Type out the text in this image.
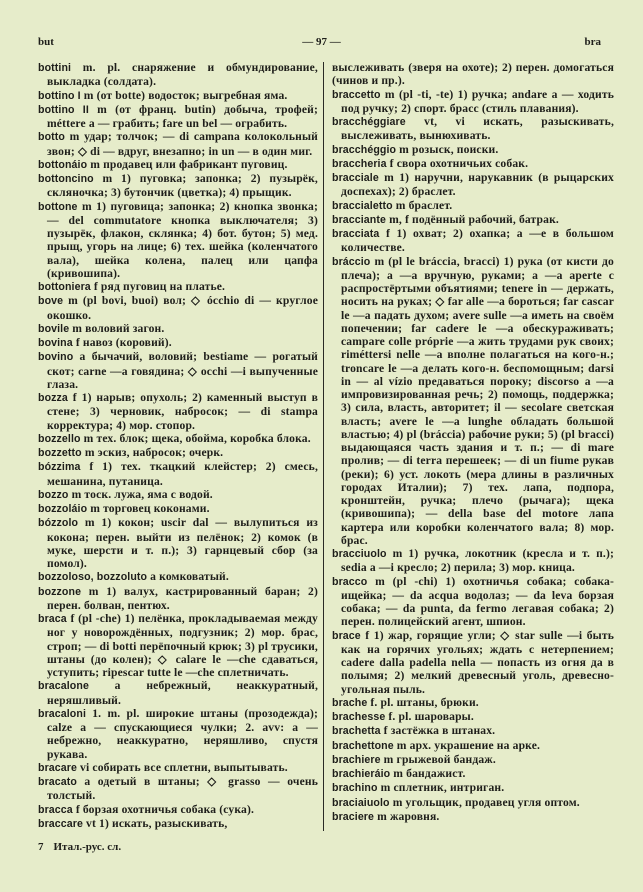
but	— 97 —	bra

bottini m. pl. снаряжение и обмундирование, выкладка (солдата).

bottino I m (от botte) водосток; выгребная яма.

bottino II m (от франц. butin) добыча, трофей; méttere a — грабить; fare un bel — ограбить.

botto m удар; толчок; — di campana колокольный звон; ◇ di — вдруг, внезапно; in un — в один миг.

bottonáio m продавец или фабрикант пуговиц.

bottoncino m 1) пуговка; запонка; 2) пузырёк, скляночка; 3) бутончик (цветка); 4) прыщик.

bottone m 1) пуговица; запонка; 2) кнопка звонка; — del commutatore кнопка выключателя; 3) пузырёк, флакон, склянка; 4) бот. бутон; 5) мед. прыщ, угорь на лице; 6) тех. шейка (коленчатого вала), шейка колена, палец или цапфа (кривошипа).

bottoniera f ряд пуговиц на платье.

bove m (pl bovi, buoi) вол; ◇ ócchio di — круглое окошко.

bovile m воловий загон.

bovina f навоз (коровий).

bovino a бычачий, воловий; bestiame — рогатый скот; carne —a говядина; ◇ occhi —i выпученные глаза.

bozza f 1) нарыв; опухоль; 2) каменный выступ в стене; 3) черновик, набросок; — di stampa корректура; 4) мор. стопор.

bozzello m тех. блок; щека, обойма, коробка блока.

bozzetto m эскиз, набросок; очерк.

bózzima f 1) тех. ткацкий клейстер; 2) смесь, мешанина, путаница.

bozzo m тоск. лужа, яма с водой.

bozzoláio m торговец коконами.

bózzolo m 1) кокон; uscir dal — вылупиться из кокона; перен. выйти из пелёнок; 2) комок (в муке, шерсти и т. п.); 3) гарнцевый сбор (за помол).

bozzoloso, bozzoluto a комковатый.

bozzone m 1) валух, кастрированный баран; 2) перен. болван, пентюх.

braca f (pl -che) 1) пелёнка, прокладываемая между ног у новорождённых, подгузник; 2) мор. брас, строп; — di botti перёпочный крюк; 3) pl трусики, штаны (до колен); ◇ calare le —che сдаваться, уступить; ripescar tutte le —che сплетничать.

bracalone a небрежный, неаккуратный, неряшливый.

bracaloni 1. m. pl. широкие штаны (прозодежда); calze a — спускающиеся чулки; 2. avv: a — небрежно, неаккуратно, неряшливо, спустя рукава.

bracare vi собирать все сплетни, выпытывать.

bracato a одетый в штаны; ◇ grasso — очень толстый.

bracca f борзая охотничья собака (сука).

braccare vt 1) искать, разыскивать,

выслеживать (зверя на охоте); 2) перен. домогаться (чинов и пр.).

braccetto m (pl -ti, -te) 1) ручка; andare a — ходить под ручку; 2) спорт. брасс (стиль плавания).

bracchéggiare vt, vi искать, разыскивать, выслеживать, вынюхивать.

bracchéggio m розыск, поиски.

braccheria f свора охотничьих собак.

bracciale m 1) наручни, нарукавник (в рыцарских доспехах); 2) браслет.

braccialetto m браслет.

bracciante m, f подённый рабочий, батрак.

bracciata f 1) охват; 2) охапка; a —e в большом количестве.

bráccio m (pl le bráccia, bracci) 1) рука (от кисти до плеча); a —a вручную, руками; a —a aperte с распростёртыми объятиями; tenere in — держать, носить на руках; ◇ far alle —a бороться; far cascar le —a падать духом; avere sulle —a иметь на своём попечении; far cadere le —a обескураживать; campare colle próprie —a жить трудами рук своих; riméttersi nelle —a вполне полагаться на кого-н.; troncare le —a делать кого-н. беспомощным; darsi in — al vízio предаваться пороку; discorso a —a импровизированная речь; 2) помощь, поддержка; 3) сила, власть, авторитет; il — secolare светская власть; avere le —a lunghe обладать большой властью; 4) pl (bráccia) рабочие руки; 5) (pl bracci) выдающаяся часть здания и т. п.; — di mare пролив; — di terra перешеек; — di un fiume рукав (реки); 6) уст. локоть (мера длины в различных городах Италии); 7) тех. лапа, подпора, кронштейн, ручка; плечо (рычага); щека (кривошипа); — della base del motore лапа картера или коробки коленчатого вала; 8) мор. брас.

bracciuolo m 1) ручка, локотник (кресла и т. п.); sedia a —i кресло; 2) перила; 3) мор. кница.

bracco m (pl -chi) 1) охотничья собака; собака-ищейка; — da acqua водолаз; — da leva борзая собака; — da punta, da fermo легавая собака; 2) перен. полицейский агент, шпион.

brace f 1) жар, горящие угли; ◇ star sulle —i быть как на горячих угольях; ждать с нетерпением; cadere dalla padella nella — попасть из огня да в полымя; 2) мелкий древесный уголь, древесно-угольная пыль.

brache f. pl. штаны, брюки.

brachesse f. pl. шаровары.

brachetta f застёжка в штанах.

brachettone m арх. украшение на арке.

brachiere m грыжевой бандаж.

brachieráio m бандажист.

brachino m сплетник, интриган.

braciaiuolo m угольщик, продавец угля оптом.

braciere m жаровня.

7 Итал.-рус. сл.
